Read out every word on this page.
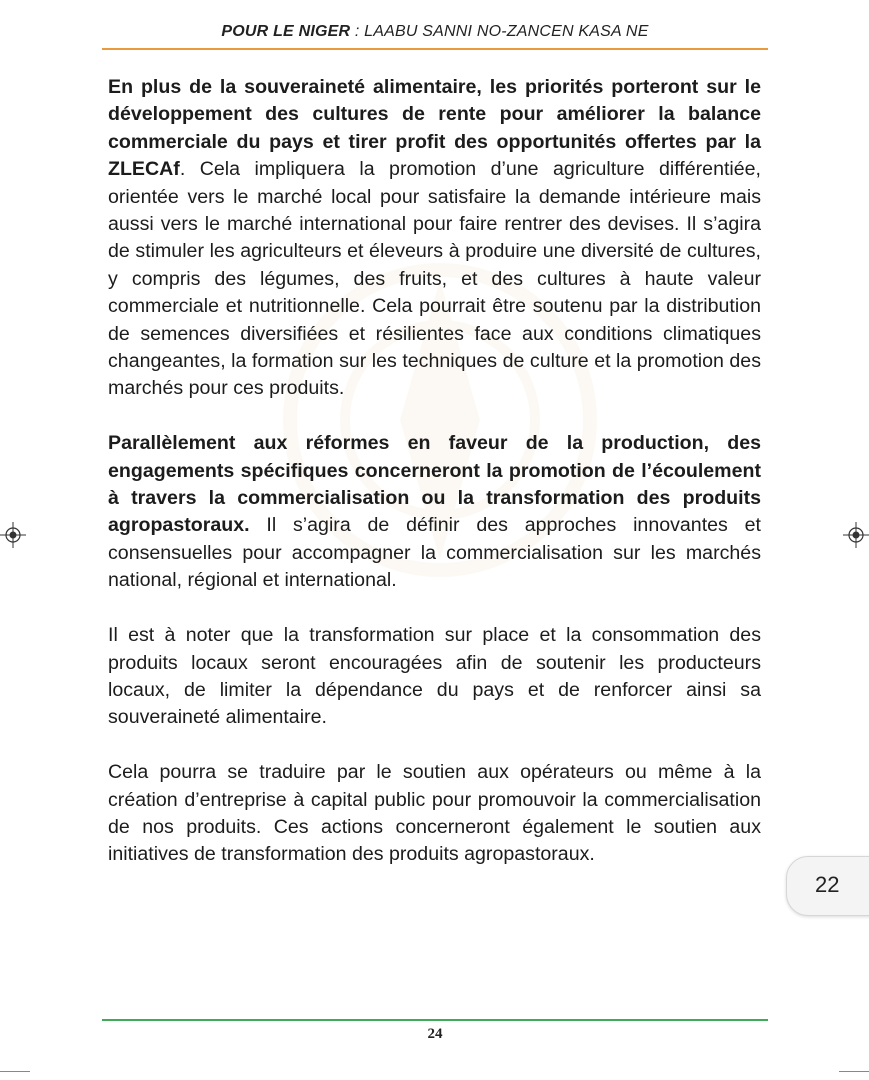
POUR LE NIGER : LAABU SANNI NO-ZANCEN KASA NE

En plus de la souveraineté alimentaire, les priorités porteront sur le développement des cultures de rente pour améliorer la balance commerciale du pays et tirer profit des opportunités offertes par la ZLECAf. Cela impliquera la promotion d’une agriculture différentiée, orientée vers le marché local pour satisfaire la demande intérieure mais aussi vers le marché international pour faire rentrer des devises. Il s’agira de stimuler les agriculteurs et éleveurs à produire une diversité de cultures, y compris des légumes, des fruits, et des cultures à haute valeur commerciale et nutritionnelle. Cela pourrait être soutenu par la distribution de semences diversifiées et résilientes face aux conditions climatiques changeantes, la formation sur les techniques de culture et la promotion des marchés pour ces produits.

Parallèlement aux réformes en faveur de la production, des engagements spécifiques concerneront la promotion de l’écoulement à travers la commercialisation ou la transformation des produits agropastoraux. Il s’agira de définir des approches innovantes et consensuelles pour accompagner la commercialisation sur les marchés national, régional et international.

Il est à noter que la transformation sur place et la consommation des produits locaux seront encouragées afin de soutenir les producteurs locaux, de limiter la dépendance du pays et de renforcer ainsi sa souveraineté alimentaire.

Cela pourra se traduire par le soutien aux opérateurs ou même à la création d’entreprise à capital public pour promouvoir la commercialisation de nos produits. Ces actions concerneront également le soutien aux initiatives de transformation des produits agropastoraux.

24
22
